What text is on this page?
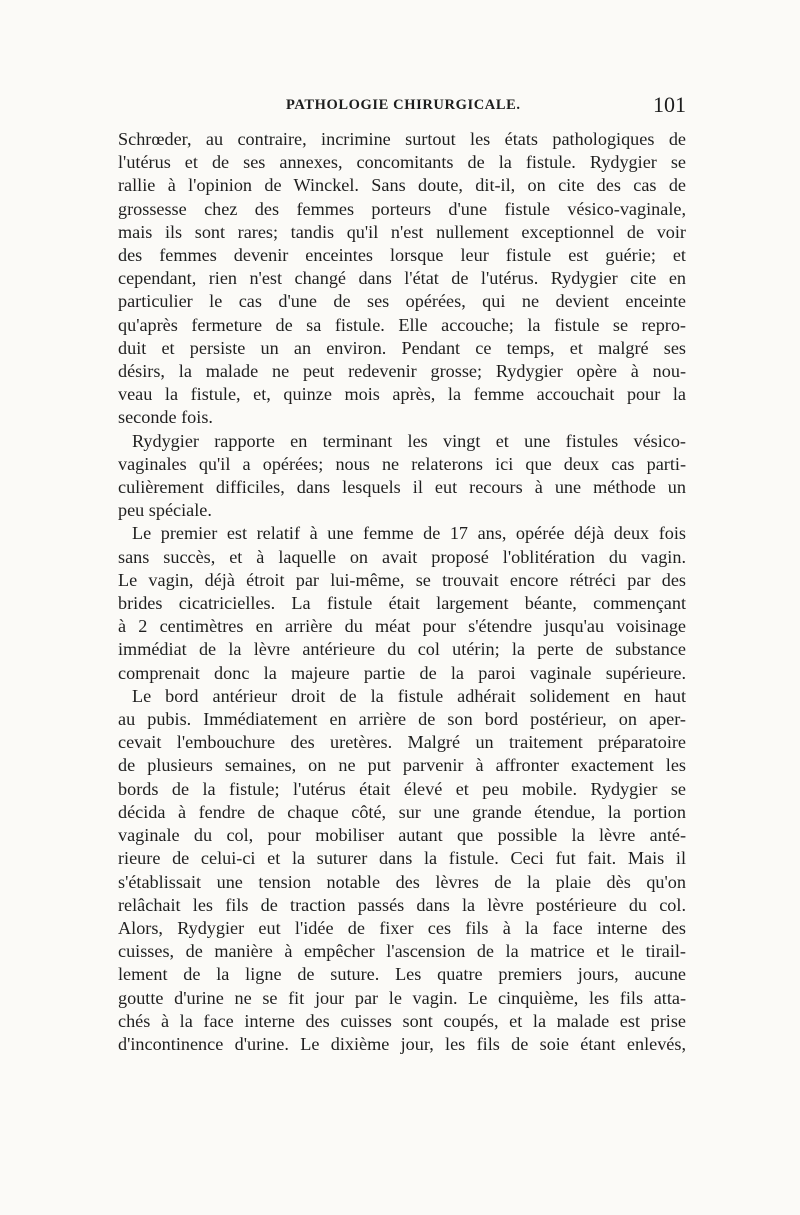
PATHOLOGIE CHIRURGICALE.	101

Schrœder, au contraire, incrimine surtout les états pathologiques de

l'utérus et de ses annexes, concomitants de la fistule. Rydygier se

rallie à l'opinion de Winckel. Sans doute, dit-il, on cite des cas de

grossesse chez des femmes porteurs d'une fistule vésico-vaginale,

mais ils sont rares; tandis qu'il n'est nullement exceptionnel de voir

des femmes devenir enceintes lorsque leur fistule est guérie; et

cependant, rien n'est changé dans l'état de l'utérus. Rydygier cite en

particulier le cas d'une de ses opérées, qui ne devient enceinte

qu'après fermeture de sa fistule. Elle accouche; la fistule se repro-

duit et persiste un an environ. Pendant ce temps, et malgré ses

désirs, la malade ne peut redevenir grosse; Rydygier opère à nou-

veau la fistule, et, quinze mois après, la femme accouchait pour la

seconde fois.

Rydygier rapporte en terminant les vingt et une fistules vésico-

vaginales qu'il a opérées; nous ne relaterons ici que deux cas parti-

culièrement difficiles, dans lesquels il eut recours à une méthode un

peu spéciale.

Le premier est relatif à une femme de 17 ans, opérée déjà deux fois

sans succès, et à laquelle on avait proposé l'oblitération du vagin.

Le vagin, déjà étroit par lui-même, se trouvait encore rétréci par des

brides cicatricielles. La fistule était largement béante, commençant

à 2 centimètres en arrière du méat pour s'étendre jusqu'au voisinage

immédiat de la lèvre antérieure du col utérin; la perte de substance

comprenait donc la majeure partie de la paroi vaginale supérieure.

Le bord antérieur droit de la fistule adhérait solidement en haut

au pubis. Immédiatement en arrière de son bord postérieur, on aper-

cevait l'embouchure des uretères. Malgré un traitement préparatoire

de plusieurs semaines, on ne put parvenir à affronter exactement les

bords de la fistule; l'utérus était élevé et peu mobile. Rydygier se

décida à fendre de chaque côté, sur une grande étendue, la portion

vaginale du col, pour mobiliser autant que possible la lèvre anté-

rieure de celui-ci et la suturer dans la fistule. Ceci fut fait. Mais il

s'établissait une tension notable des lèvres de la plaie dès qu'on

relâchait les fils de traction passés dans la lèvre postérieure du col.

Alors, Rydygier eut l'idée de fixer ces fils à la face interne des

cuisses, de manière à empêcher l'ascension de la matrice et le tirail-

lement de la ligne de suture. Les quatre premiers jours, aucune

goutte d'urine ne se fit jour par le vagin. Le cinquième, les fils atta-

chés à la face interne des cuisses sont coupés, et la malade est prise

d'incontinence d'urine. Le dixième jour, les fils de soie étant enlevés,
